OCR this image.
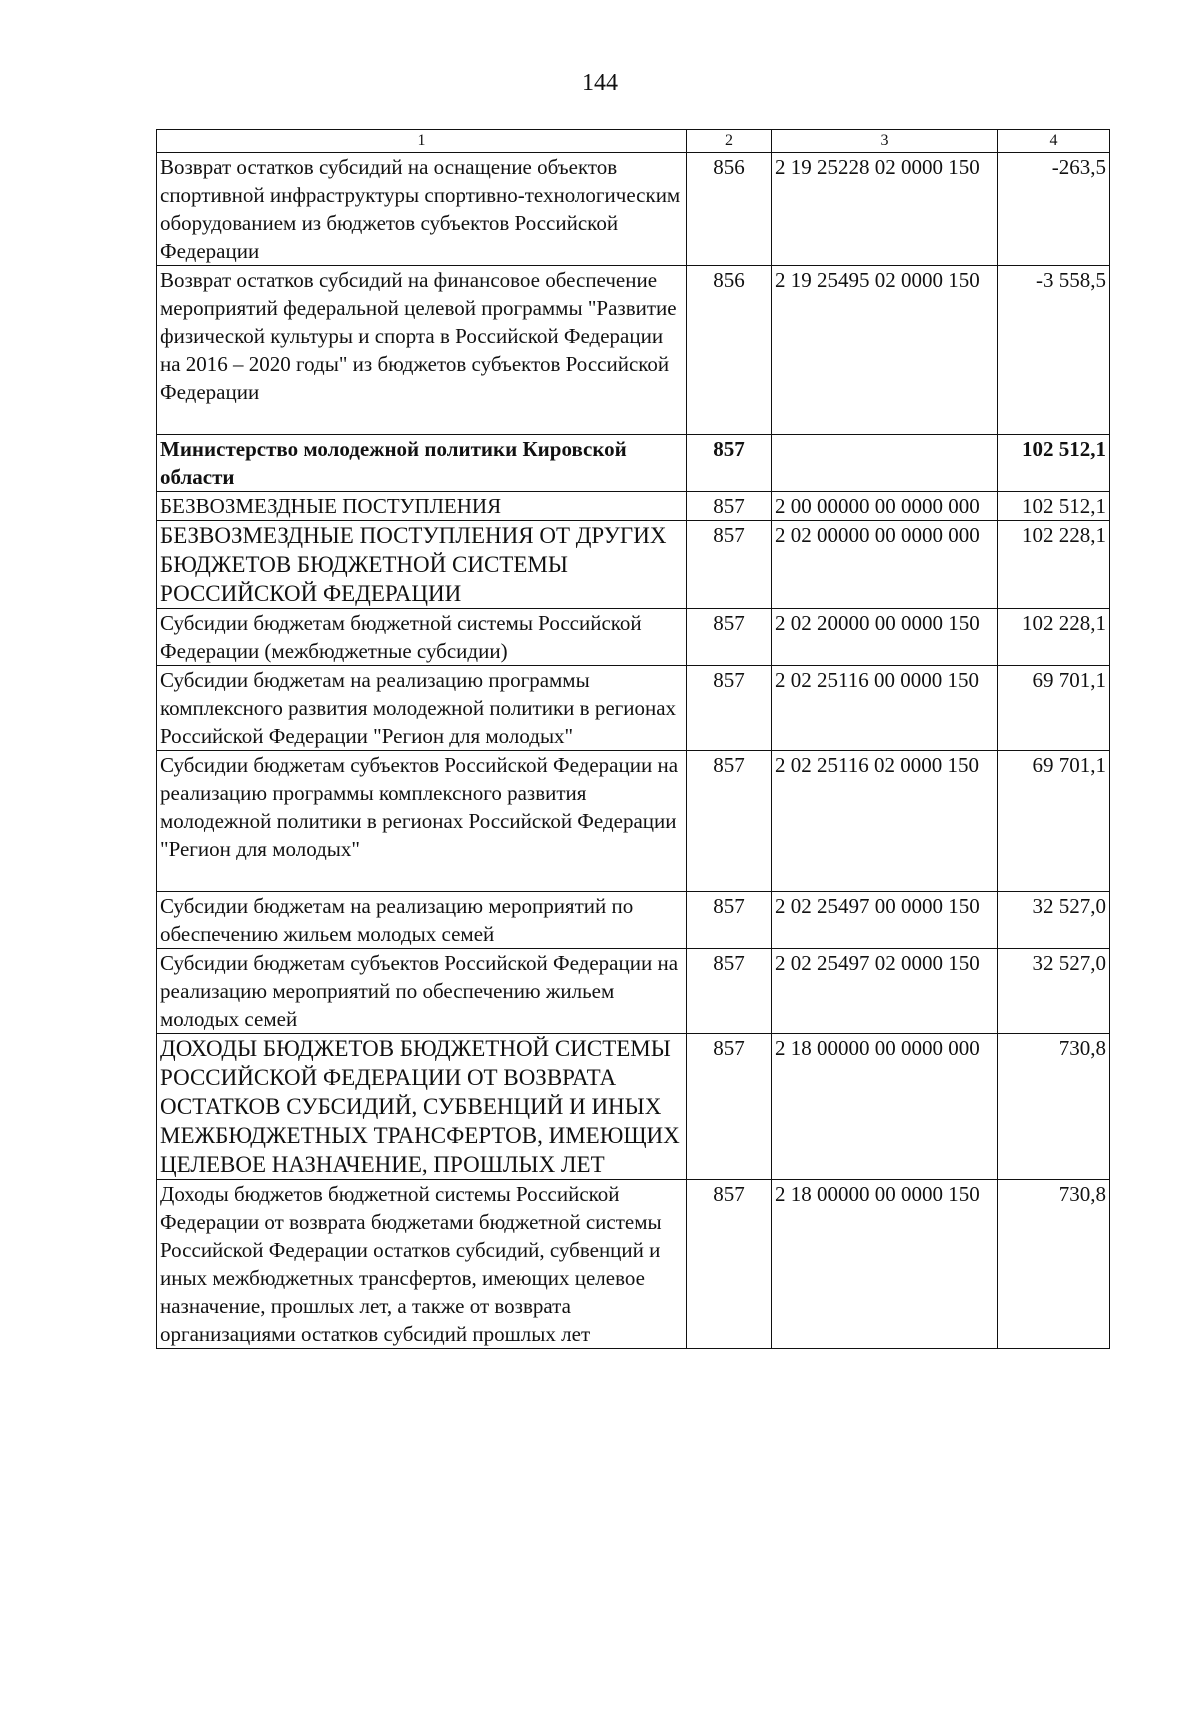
144
1	2	3	4
Возврат остатков субсидий на оснащение объектов спортивной инфраструктуры спортивно-технологическим оборудованием из бюджетов субъектов Российской Федерации	856	2 19 25228 02 0000 150	-263,5
Возврат остатков субсидий на финансовое обеспечение мероприятий федеральной целевой программы "Развитие физической культуры и спорта в Российской Федерации на 2016 – 2020 годы" из бюджетов субъектов Российской Федерации	856	2 19 25495 02 0000 150	-3 558,5
Министерство молодежной политики Кировской области	857		102 512,1
БЕЗВОЗМЕЗДНЫЕ ПОСТУПЛЕНИЯ	857	2 00 00000 00 0000 000	102 512,1
БЕЗВОЗМЕЗДНЫЕ ПОСТУПЛЕНИЯ ОТ ДРУГИХ БЮДЖЕТОВ БЮДЖЕТНОЙ СИСТЕМЫ РОССИЙСКОЙ ФЕДЕРАЦИИ	857	2 02 00000 00 0000 000	102 228,1
Субсидии бюджетам бюджетной системы Российской Федерации (межбюджетные субсидии)	857	2 02 20000 00 0000 150	102 228,1
Субсидии бюджетам на реализацию программы комплексного развития молодежной политики в регионах Российской Федерации "Регион для молодых"	857	2 02 25116 00 0000 150	69 701,1
Субсидии бюджетам субъектов Российской Федерации на реализацию программы комплексного развития молодежной политики в регионах Российской Федерации "Регион для молодых"	857	2 02 25116 02 0000 150	69 701,1
Субсидии бюджетам на реализацию мероприятий по обеспечению жильем молодых семей	857	2 02 25497 00 0000 150	32 527,0
Субсидии бюджетам субъектов Российской Федерации на реализацию мероприятий по обеспечению жильем молодых семей	857	2 02 25497 02 0000 150	32 527,0
ДОХОДЫ БЮДЖЕТОВ БЮДЖЕТНОЙ СИСТЕМЫ РОССИЙСКОЙ ФЕДЕРАЦИИ ОТ ВОЗВРАТА ОСТАТКОВ СУБСИДИЙ, СУБВЕНЦИЙ И ИНЫХ МЕЖБЮДЖЕТНЫХ ТРАНСФЕРТОВ, ИМЕЮЩИХ ЦЕЛЕВОЕ НАЗНАЧЕНИЕ, ПРОШЛЫХ ЛЕТ	857	2 18 00000 00 0000 000	730,8
Доходы бюджетов бюджетной системы Российской Федерации от возврата бюджетами бюджетной системы Российской Федерации остатков субсидий, субвенций и иных межбюджетных трансфертов, имеющих целевое назначение, прошлых лет, а также от возврата организациями остатков субсидий прошлых лет	857	2 18 00000 00 0000 150	730,8
